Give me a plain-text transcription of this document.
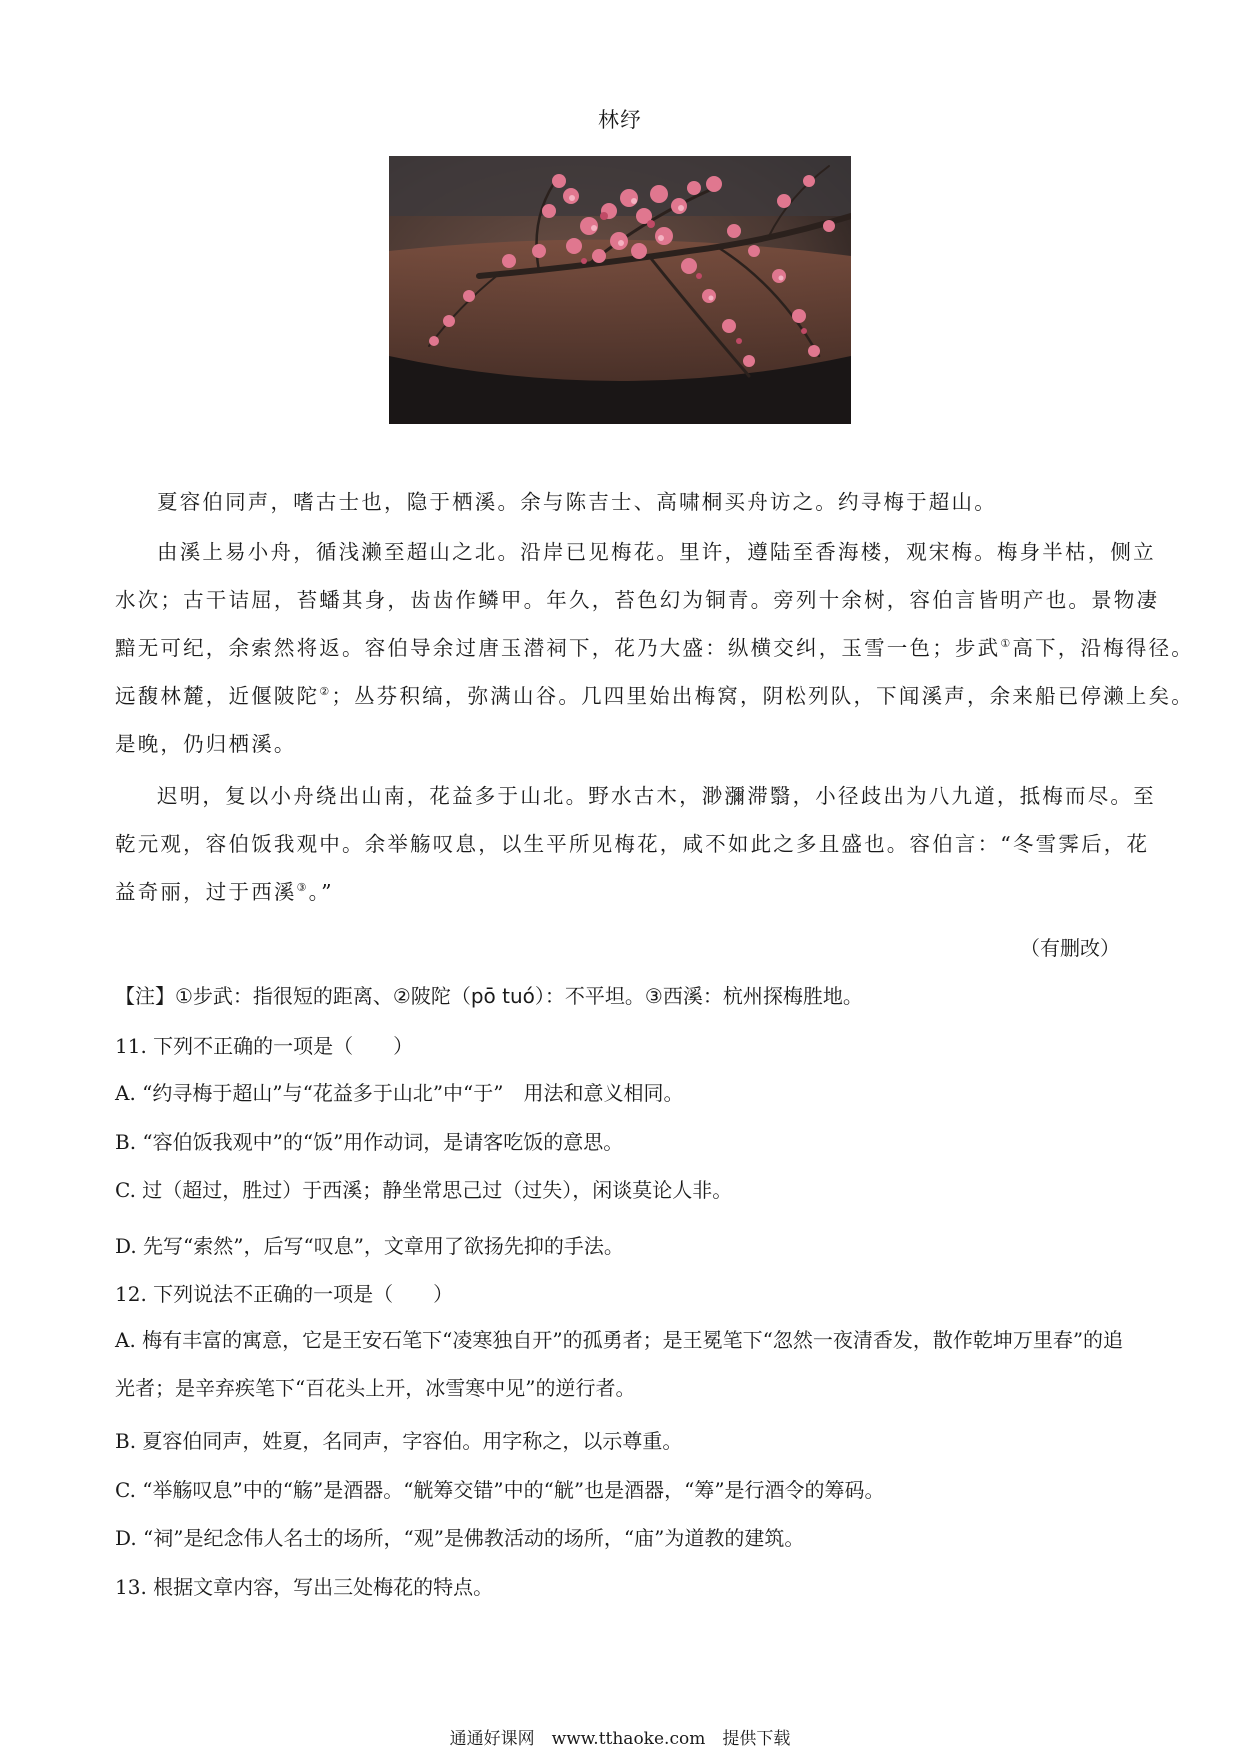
林纾
夏容伯同声，嗜古士也，隐于栖溪。余与陈吉士、高啸桐买舟访之。约寻梅于超山。
由溪上易小舟，循浅濑至超山之北。沿岸已见梅花。里许，遵陆至香海楼，观宋梅。梅身半枯，侧立
水次；古干诘屈，苔蟠其身，齿齿作鳞甲。年久，苔色幻为铜青。旁列十余树，容伯言皆明产也。景物凄
黯无可纪，余索然将返。容伯导余过唐玉潜祠下，花乃大盛：纵横交纠，玉雪一色；步武①高下，沿梅得径。
远馥林麓，近偃陂陀②；丛芬积缟，弥满山谷。几四里始出梅窝，阴松列队，下闻溪声，余来船已停濑上矣。
是晚，仍归栖溪。
迟明，复以小舟绕出山南，花益多于山北。野水古木，渺瀰滞翳，小径歧出为八九道，抵梅而尽。至
乾元观，容伯饭我观中。余举觞叹息，以生平所见梅花，咸不如此之多且盛也。容伯言：“冬雪霁后，花
益奇丽，过于西溪③。”
（有删改）
【注】①步武：指很短的距离、②陂陀（pō tuó）：不平坦。③西溪：杭州探梅胜地。
11. 下列不正确的一项是（　　）
A. “约寻梅于超山”与“花益多于山北”中“于”　用法和意义相同。
B. “容伯饭我观中”的“饭”用作动词，是请客吃饭的意思。
C. 过（超过，胜过）于西溪；静坐常思己过（过失），闲谈莫论人非。
D. 先写“索然”，后写“叹息”，文章用了欲扬先抑的手法。
12. 下列说法不正确的一项是（　　）
A. 梅有丰富的寓意，它是王安石笔下“凌寒独自开”的孤勇者；是王冕笔下“忽然一夜清香发，散作乾坤万里春”的追光者；是辛弃疾笔下“百花头上开，冰雪寒中见”的逆行者。
B. 夏容伯同声，姓夏，名同声，字容伯。用字称之，以示尊重。
C. “举觞叹息”中的“觞”是酒器。“觥筹交错”中的“觥”也是酒器，“筹”是行酒令的筹码。
D. “祠”是纪念伟人名士的场所，“观”是佛教活动的场所，“庙”为道教的建筑。
13. 根据文章内容，写出三处梅花的特点。
通通好课网　www.tthaoke.com　提供下载
